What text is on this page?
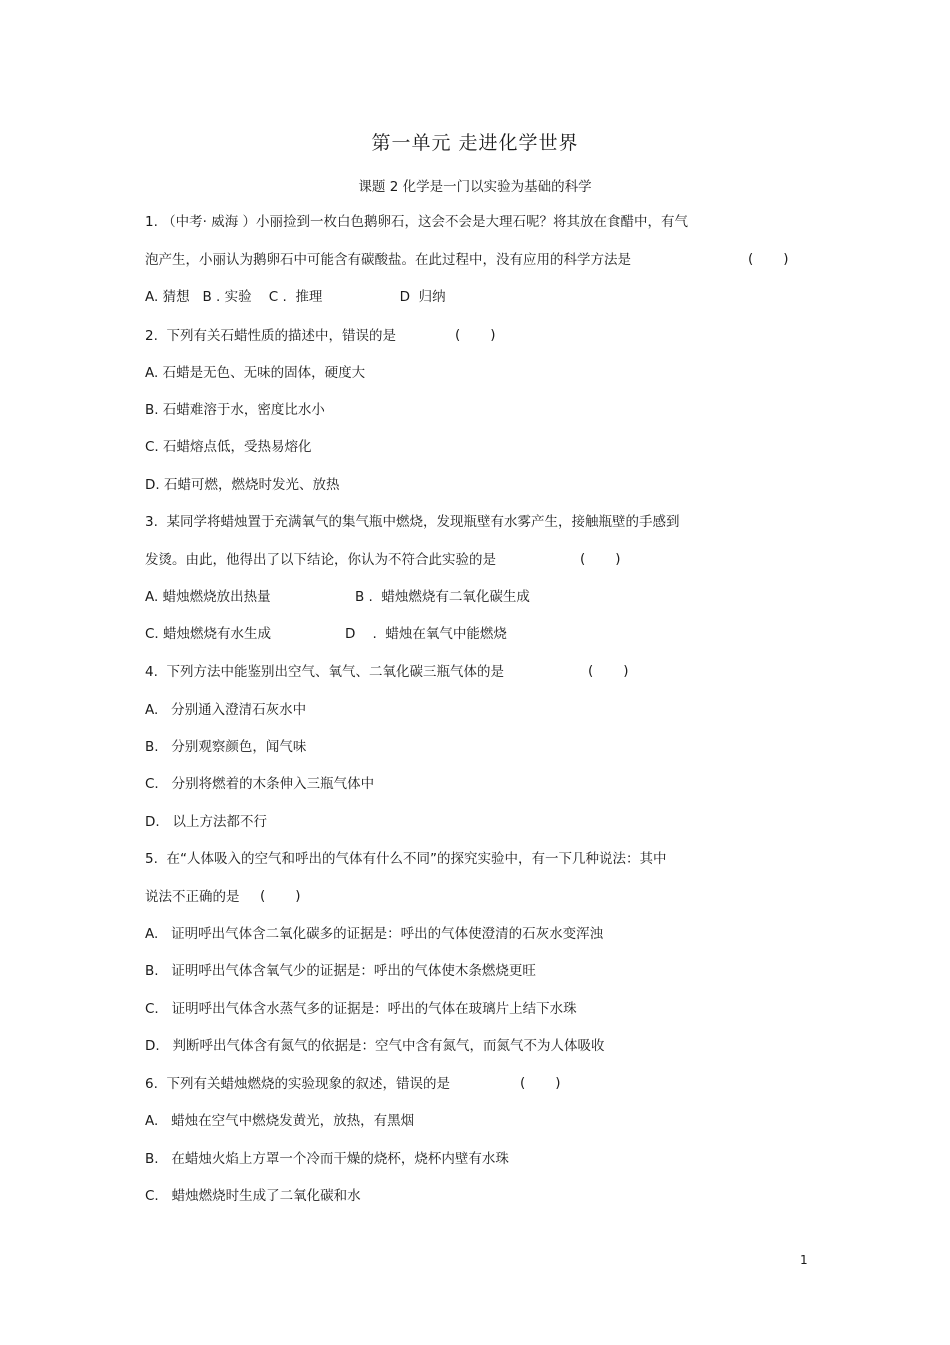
第一单元 走进化学世界
课题 2 化学是一门以实验为基础的科学
1. （中考· 威海 ）小丽捡到一枚白色鹅卵石，这会不会是大理石呢？将其放在食醋中，有气
泡产生，小丽认为鹅卵石中可能含有碳酸盐。在此过程中，没有应用的科学方法是	(       )
A. 猜想   B . 实验    C .  推理                  D  归纳
2.  下列有关石蜡性质的描述中，错误的是	(       )
A. 石蜡是无色、无味的固体，硬度大
B. 石蜡难溶于水，密度比水小
C. 石蜡熔点低，受热易熔化
D. 石蜡可燃，燃烧时发光、放热
3.  某同学将蜡烛置于充满氧气的集气瓶中燃烧，发现瓶壁有水雾产生，接触瓶壁的手感到
发烫。由此，他得出了以下结论，你认为不符合此实验的是	(       )
A. 蜡烛燃烧放出热量	B .  蜡烛燃烧有二氧化碳生成
C. 蜡烛燃烧有水生成	D    .  蜡烛在氧气中能燃烧
4.  下列方法中能鉴别出空气、氧气、二氧化碳三瓶气体的是	(       )
A.   分别通入澄清石灰水中
B.   分别观察颜色，闻气味
C.   分别将燃着的木条伸入三瓶气体中
D.   以上方法都不行
5.  在“人体吸入的空气和呼出的气体有什么不同”的探究实验中，有一下几种说法：其中
说法不正确的是 (       )
A.   证明呼出气体含二氧化碳多的证据是：呼出的气体使澄清的石灰水变浑浊
B.   证明呼出气体含氧气少的证据是：呼出的气体使木条燃烧更旺
C.   证明呼出气体含水蒸气多的证据是：呼出的气体在玻璃片上结下水珠
D.   判断呼出气体含有氮气的依据是：空气中含有氮气，而氮气不为人体吸收
6.  下列有关蜡烛燃烧的实验现象的叙述，错误的是	(       )
A.   蜡烛在空气中燃烧发黄光，放热，有黑烟
B.   在蜡烛火焰上方罩一个冷而干燥的烧杯，烧杯内壁有水珠
C.   蜡烛燃烧时生成了二氧化碳和水
1
